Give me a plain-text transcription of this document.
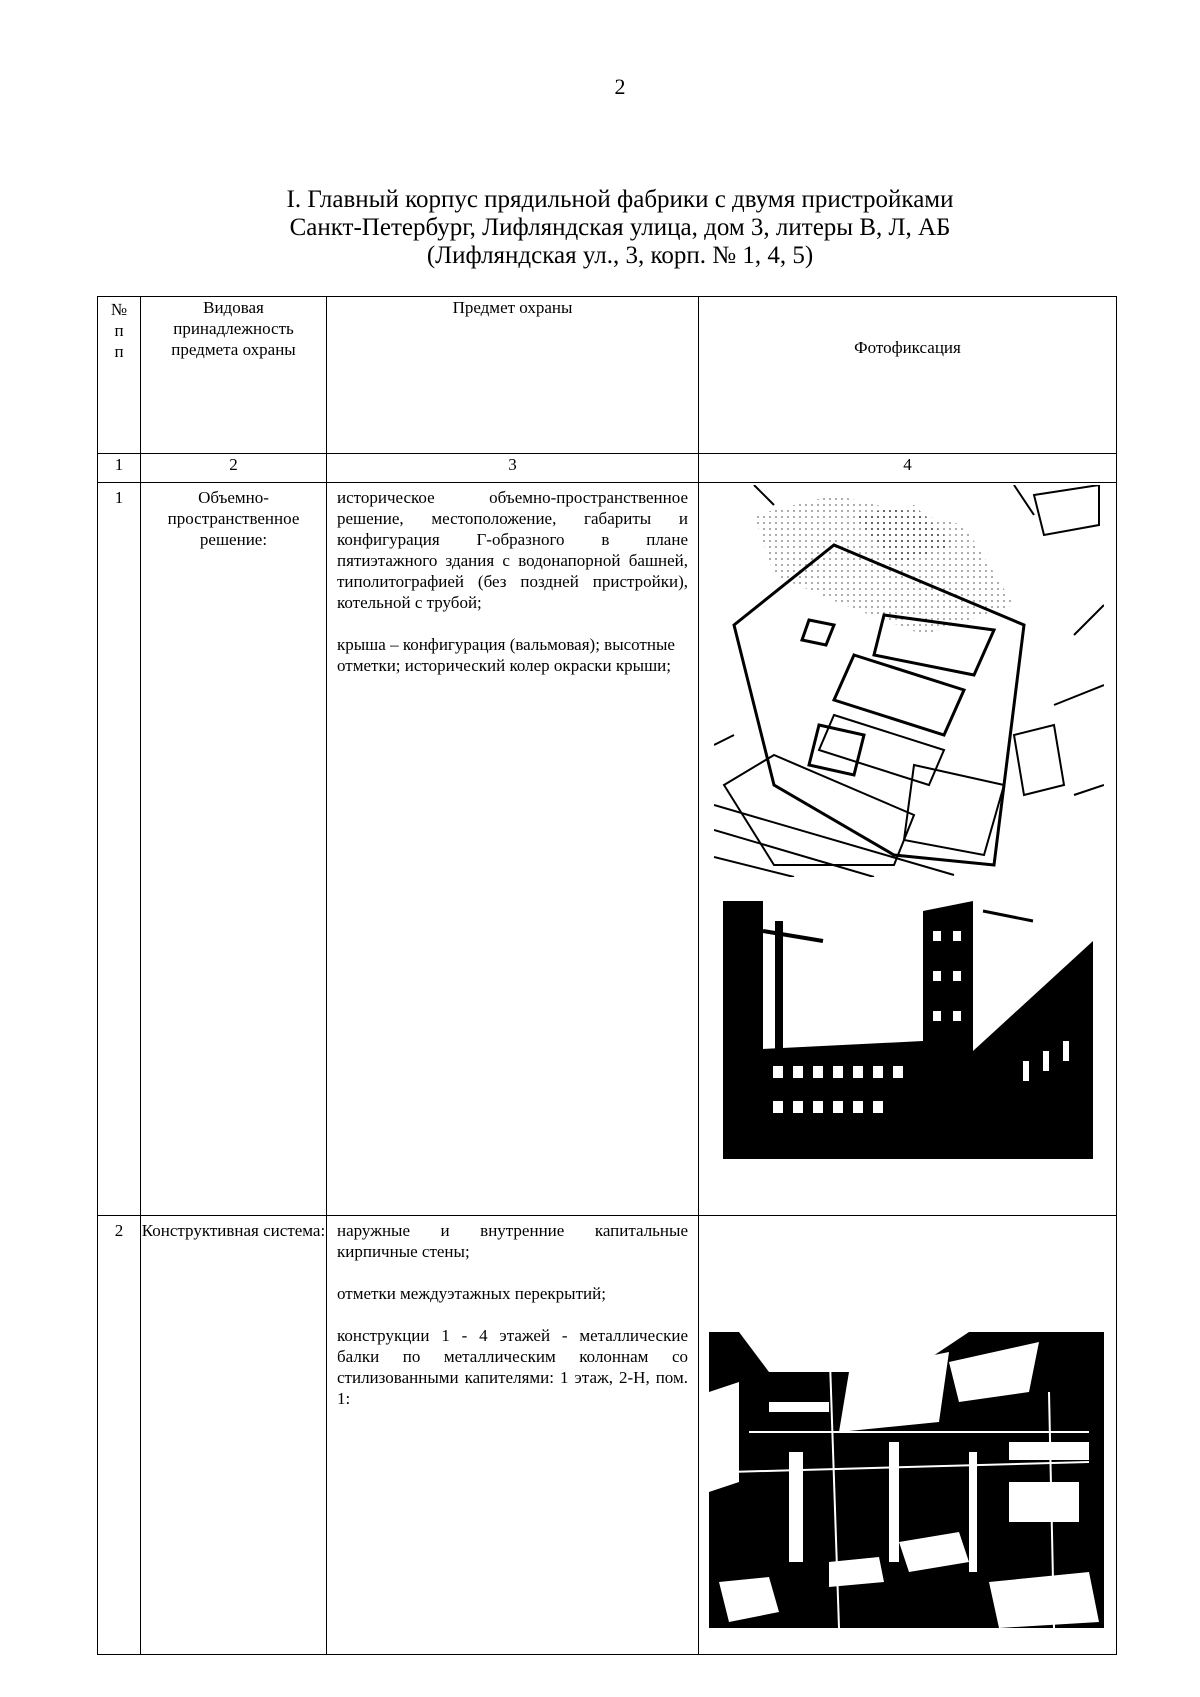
2
I. Главный корпус прядильной фабрики с двумя пристройками
Санкт-Петербург, Лифляндская улица, дом 3, литеры В, Л, АБ
(Лифляндская ул., 3, корп. № 1, 4, 5)
№
п
п	Видовая принадлежность предмета охраны	Предмет охраны	Фотофиксация
1	2	3	4
1	Объемно-пространственное решение:	историческое объемно-пространственное решение, местоположение, габариты и конфигурация Г-образного в плане пятиэтажного здания с водонапорной башней, типолитографией (без поздней пристройки), котельной с трубой;

крыша – конфигурация (вальмовая); высотные отметки; исторический колер окраски крыши;

2	Конструктивная система:	наружные и внутренние капитальные кирпичные стены;

отметки междуэтажных перекрытий;

конструкции 1 - 4 этажей - металлические балки по металлическим колоннам со стилизованными капителями: 1 этаж, 2-Н, пом. 1:
